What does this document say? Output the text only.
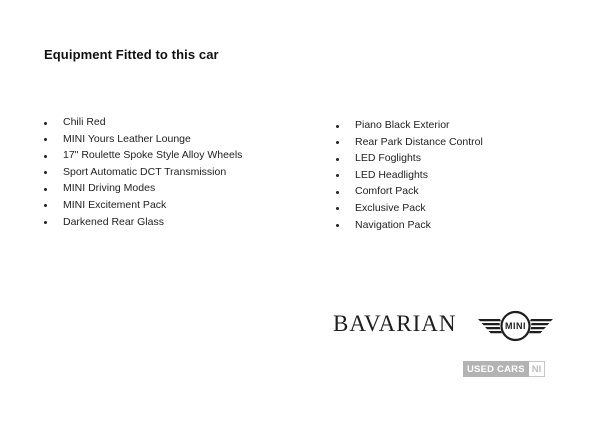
Equipment Fitted to this car
Chili Red
MINI Yours Leather Lounge
17" Roulette Spoke Style Alloy Wheels
Sport Automatic DCT Transmission
MINI Driving Modes
MINI Excitement Pack
Darkened Rear Glass
Piano Black Exterior
Rear Park Distance Control
LED Foglights
LED Headlights
Comfort Pack
Exclusive Pack
Navigation Pack
BAVARIAN	MINI
USED CARS NI
